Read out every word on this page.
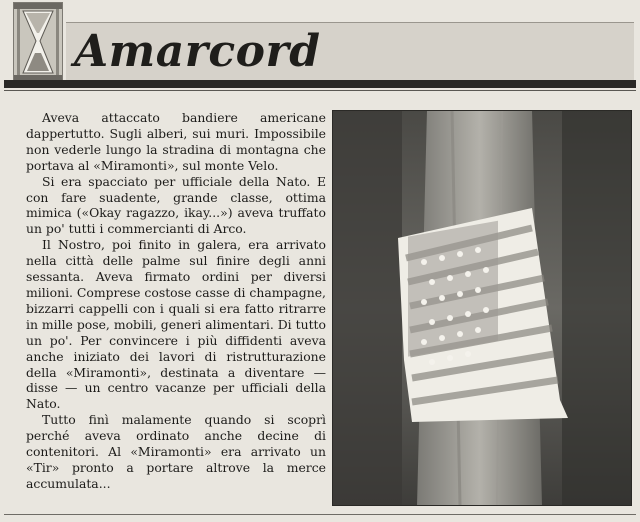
Amarcord

Aveva attaccato bandiere americane dappertutto. Sugli alberi, sui muri. Impossibile non vederle lungo la stradina di montagna che portava al «Miramonti», sul monte Velo.

Si era spacciato per ufficiale della Nato. E con fare suadente, grande classe, ottima mimica («Okay ragazzo, ikay...») aveva truffato un po' tutti i commercianti di Arco.

Il Nostro, poi finito in galera, era arrivato nella città delle palme sul finire degli anni sessanta. Aveva firmato ordini per diversi milioni. Comprese costose casse di champagne, bizzarri cappelli con i quali si era fatto ritrarre in mille pose, mobili, generi alimentari. Di tutto un po'. Per convincere i più diffidenti aveva anche iniziato dei lavori di ristrutturazione della «Miramonti», destinata a diventare — disse — un centro vacanze per ufficiali della Nato.

Tutto finì malamente quando si scoprì perché aveva ordinato anche decine di contenitori. Al «Miramonti» era arrivato un «Tir» pronto a portare altrove la merce accumulata...
